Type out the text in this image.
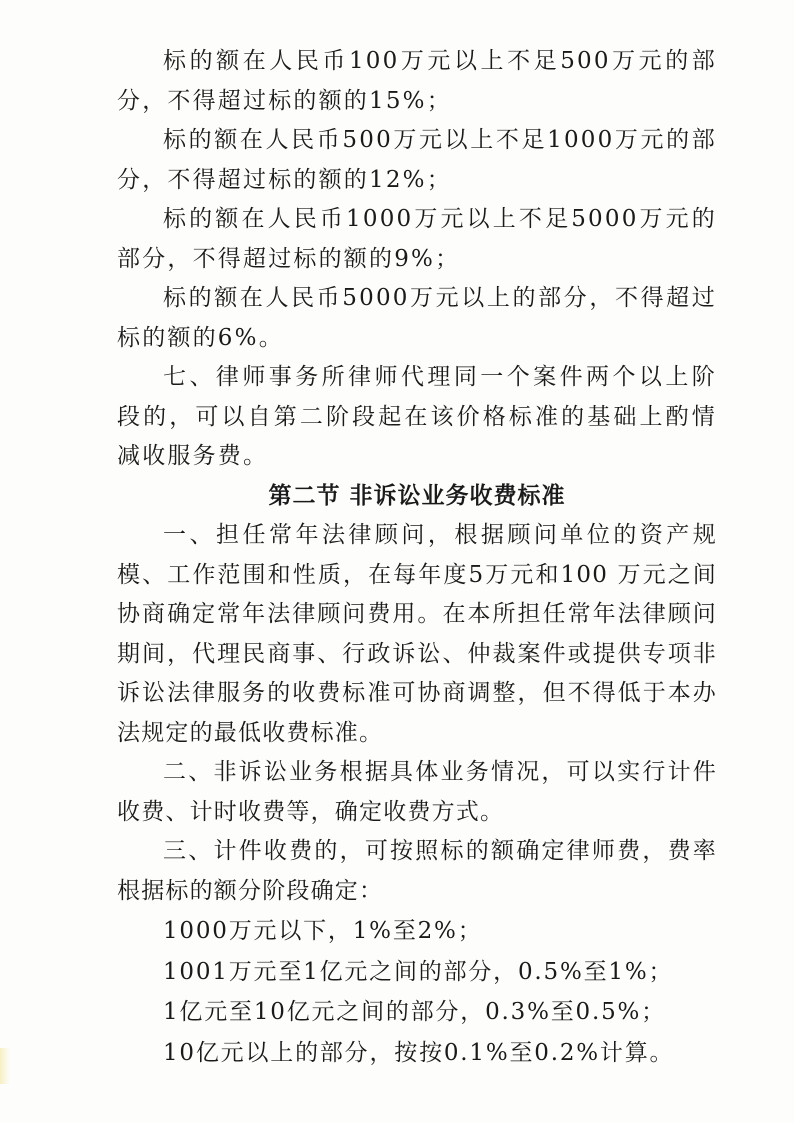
标的额在人民币100万元以上不足500万元的部分，不得超过标的额的15%；

标的额在人民币500万元以上不足1000万元的部分，不得超过标的额的12%；

标的额在人民币1000万元以上不足5000万元的部分，不得超过标的额的9%；

标的额在人民币5000万元以上的部分，不得超过标的额的6%。

七、律师事务所律师代理同一个案件两个以上阶段的，可以自第二阶段起在该价格标准的基础上酌情减收服务费。

第二节 非诉讼业务收费标准

一、担任常年法律顾问，根据顾问单位的资产规模、工作范围和性质，在每年度5万元和100 万元之间协商确定常年法律顾问费用。在本所担任常年法律顾问期间，代理民商事、行政诉讼、仲裁案件或提供专项非诉讼法律服务的收费标准可协商调整，但不得低于本办法规定的最低收费标准。

二、非诉讼业务根据具体业务情况，可以实行计件收费、计时收费等，确定收费方式。

三、计件收费的，可按照标的额确定律师费，费率根据标的额分阶段确定：

1000万元以下，1%至2%；

1001万元至1亿元之间的部分，0.5%至1%；

1亿元至10亿元之间的部分，0.3%至0.5%；

10亿元以上的部分，按按0.1%至0.2%计算。
